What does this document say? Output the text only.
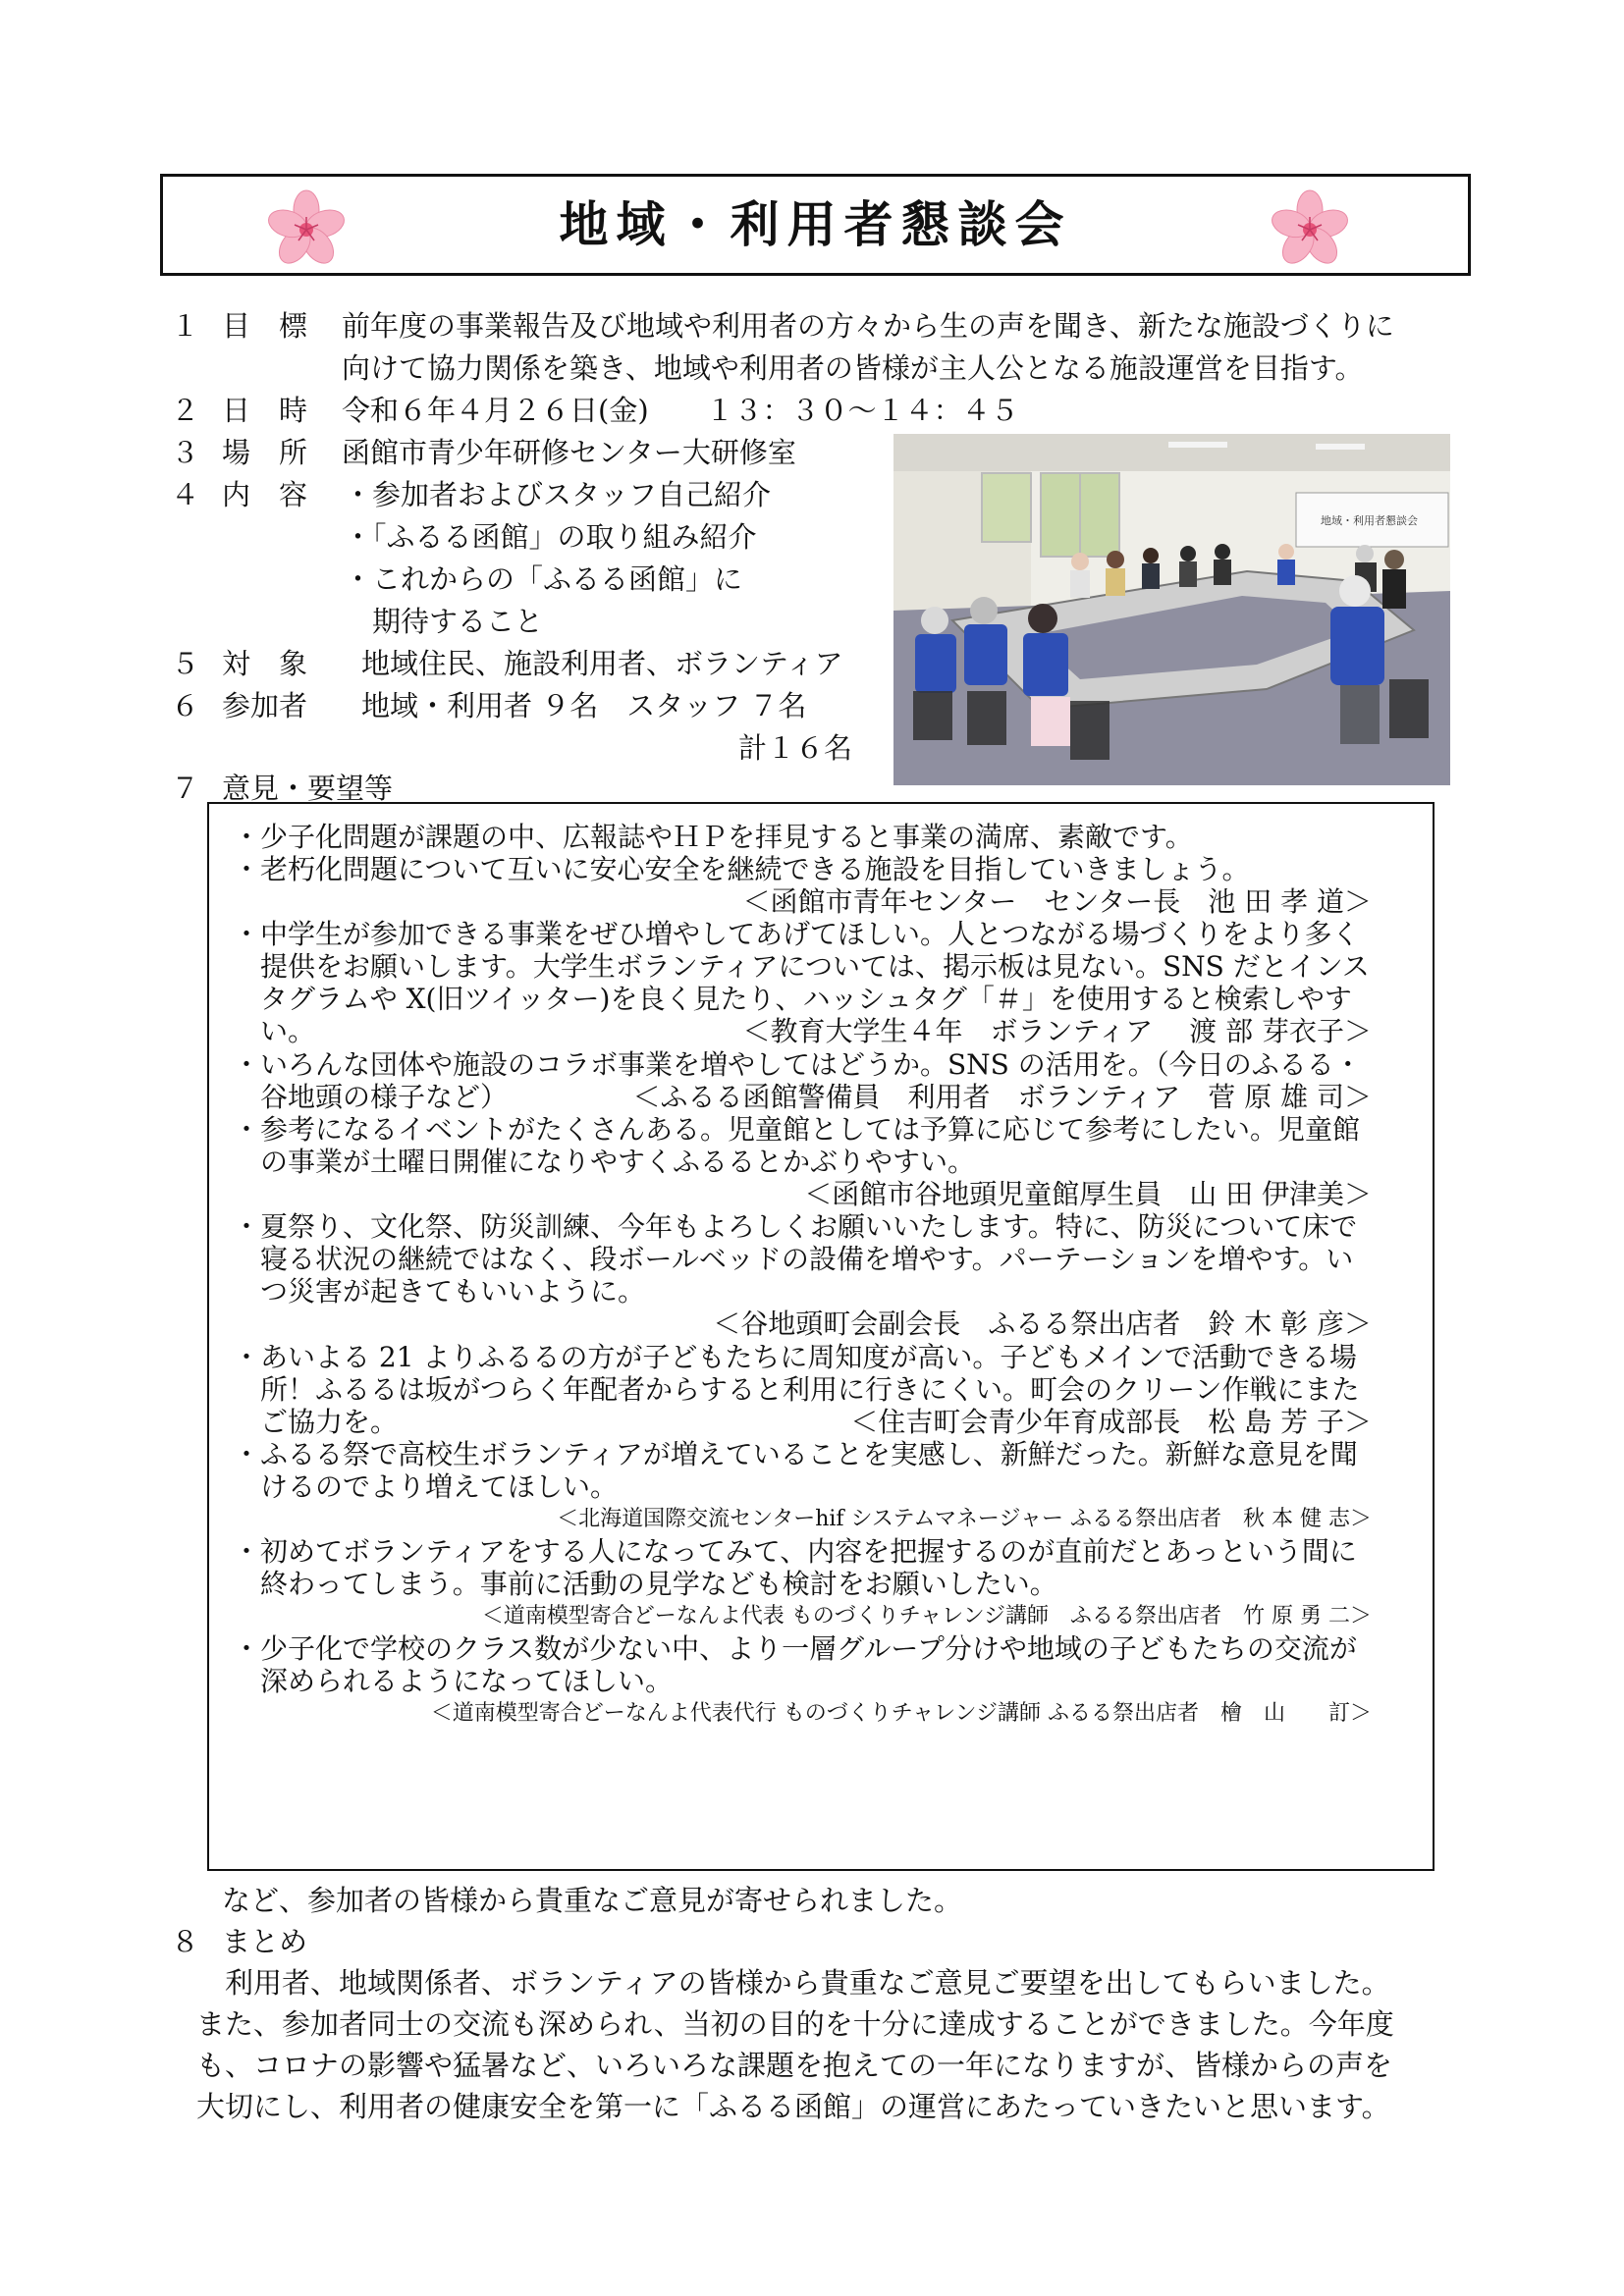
地域・利用者懇談会
１ 目　標 前年度の事業報告及び地域や利用者の方々から生の声を聞き、新たな施設づくりに
向けて協力関係を築き、地域や利用者の皆様が主人公となる施設運営を目指す。
２ 日　時 令和６年４月２６日(金)　　１３：３０～１４：４５
３ 場　所 函館市青少年研修センター大研修室
４ 内　容 ・参加者およびスタッフ自己紹介
・「ふるる函館」の取り組み紹介
・これからの「ふるる函館」に
　期待すること
５ 対　象 地域住民、施設利用者、ボランティア
６ 参加者 地域・利用者 ９名　スタッフ ７名
計１６名
７ 意見・要望等
地域・利用者懇談会
・少子化問題が課題の中、広報誌やＨＰを拝見すると事業の満席、素敵です。
・老朽化問題について互いに安心安全を継続できる施設を目指していきましょう。
＜函館市青年センター　センター長　池 田 孝 道＞
・中学生が参加できる事業をぜひ増やしてあげてほしい。人とつながる場づくりをより多く
　提供をお願いします。大学生ボランティアについては、掲示板は見ない。SNS だとインス
　タグラムや X(旧ツイッター)を良く見たり、ハッシュタグ「＃」を使用すると検索しやす
　い。	＜教育大学生４年　ボランティア　 渡 部 芽衣子＞
・いろんな団体や施設のコラボ事業を増やしてはどうか。SNS の活用を。（今日のふるる・
　谷地頭の様子など）	＜ふるる函館警備員　利用者　ボランティア　菅 原 雄 司＞
・参考になるイベントがたくさんある。児童館としては予算に応じて参考にしたい。児童館
　の事業が土曜日開催になりやすくふるるとかぶりやすい。
＜函館市谷地頭児童館厚生員　山 田 伊津美＞
・夏祭り、文化祭、防災訓練、今年もよろしくお願いいたします。特に、防災について床で
　寝る状況の継続ではなく、段ボールベッドの設備を増やす。パーテーションを増やす。い
　つ災害が起きてもいいように。
＜谷地頭町会副会長　ふるる祭出店者　鈴 木 彰 彦＞
・あいよる 21 よりふるるの方が子どもたちに周知度が高い。子どもメインで活動できる場
　所！ふるるは坂がつらく年配者からすると利用に行きにくい。町会のクリーン作戦にまた
　ご協力を。	＜住吉町会青少年育成部長　松 島 芳 子＞
・ふるる祭で高校生ボランティアが増えていることを実感し、新鮮だった。新鮮な意見を聞
　けるのでより増えてほしい。
＜北海道国際交流センターhif システムマネージャー ふるる祭出店者　秋 本 健 志＞
・初めてボランティアをする人になってみて、内容を把握するのが直前だとあっという間に
　終わってしまう。事前に活動の見学なども検討をお願いしたい。
＜道南模型寄合どーなんよ代表 ものづくりチャレンジ講師　ふるる祭出店者　竹 原 勇 二＞
・少子化で学校のクラス数が少ない中、より一層グループ分けや地域の子どもたちの交流が
　深められるようになってほしい。
＜道南模型寄合どーなんよ代表代行 ものづくりチャレンジ講師 ふるる祭出店者　檜　山　　訂＞
など、参加者の皆様から貴重なご意見が寄せられました。
８ まとめ
　利用者、地域関係者、ボランティアの皆様から貴重なご意見ご要望を出してもらいました。
また、参加者同士の交流も深められ、当初の目的を十分に達成することができました。今年度
も、コロナの影響や猛暑など、いろいろな課題を抱えての一年になりますが、皆様からの声を
大切にし、利用者の健康安全を第一に「ふるる函館」の運営にあたっていきたいと思います。
